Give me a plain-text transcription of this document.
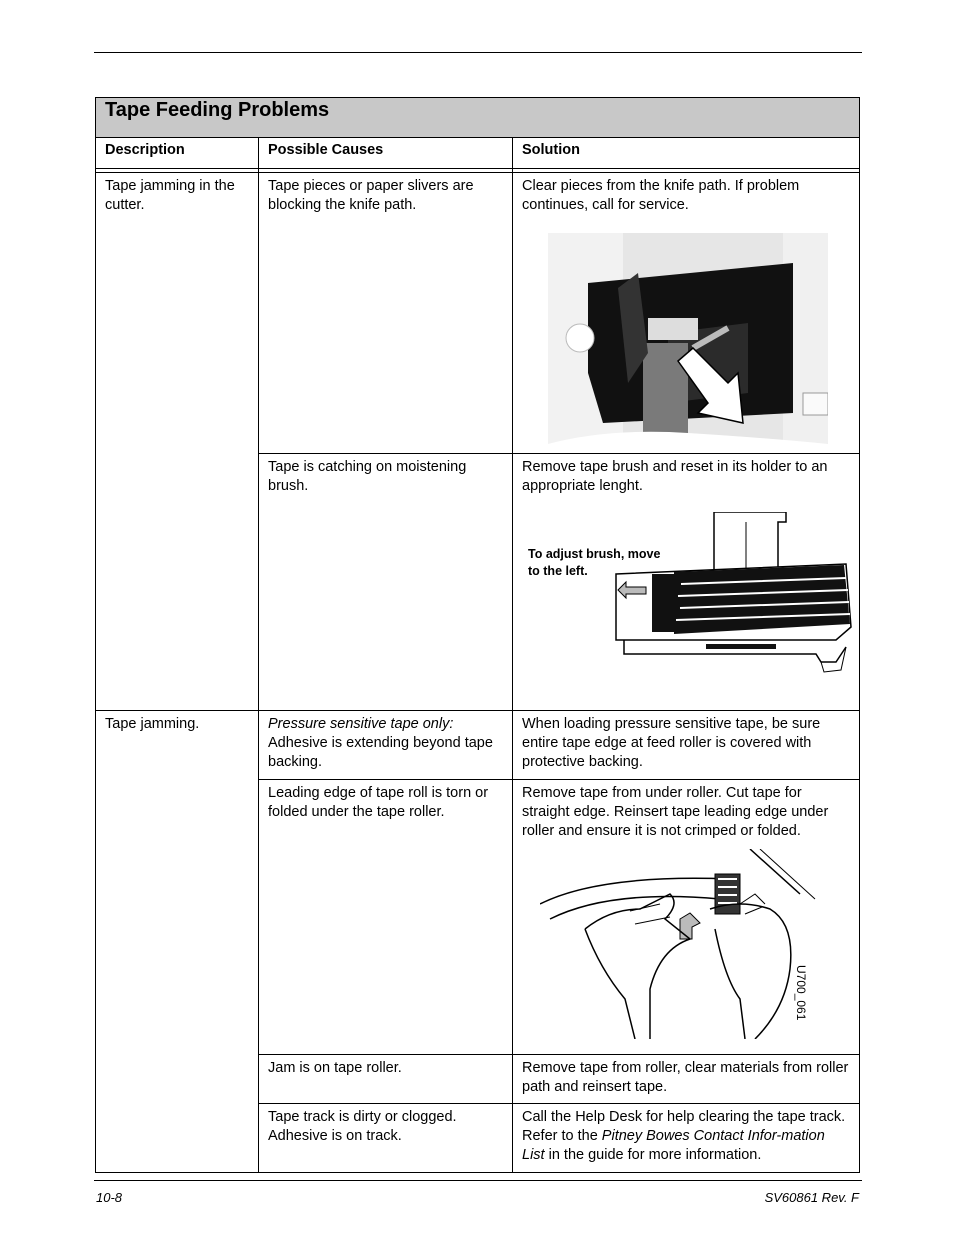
Tape Feeding Problems		
Description	Possible Causes	Solution

Tape jamming in the cutter.	Tape pieces or paper slivers are blocking the knife path.	Clear pieces from the knife path. If problem continues, call for service.

	Tape is catching on moistening brush.	Remove tape brush and reset in its holder to an appropriate lenght.
To adjust brush, move
to the left.

Tape jamming.	Pressure sensitive tape only:
Adhesive is extending beyond tape backing.	When loading pressure sensitive tape, be sure entire tape edge at feed roller is covered with protective backing.
	Leading edge of tape roll is torn or folded under the tape roller.	Remove tape from under roller. Cut tape for straight edge. Reinsert tape leading edge under roller and ensure it is not crimped or folded.
U700_061

	Jam is on tape roller.	Remove tape from roller, clear materials from roller path and reinsert tape.
	Tape track is dirty or clogged. Adhesive is on track.	Call the Help Desk for help clearing the tape track. Refer to the Pitney Bowes Contact Infor-mation List in the guide for more information.
10-8	SV60861 Rev. F
